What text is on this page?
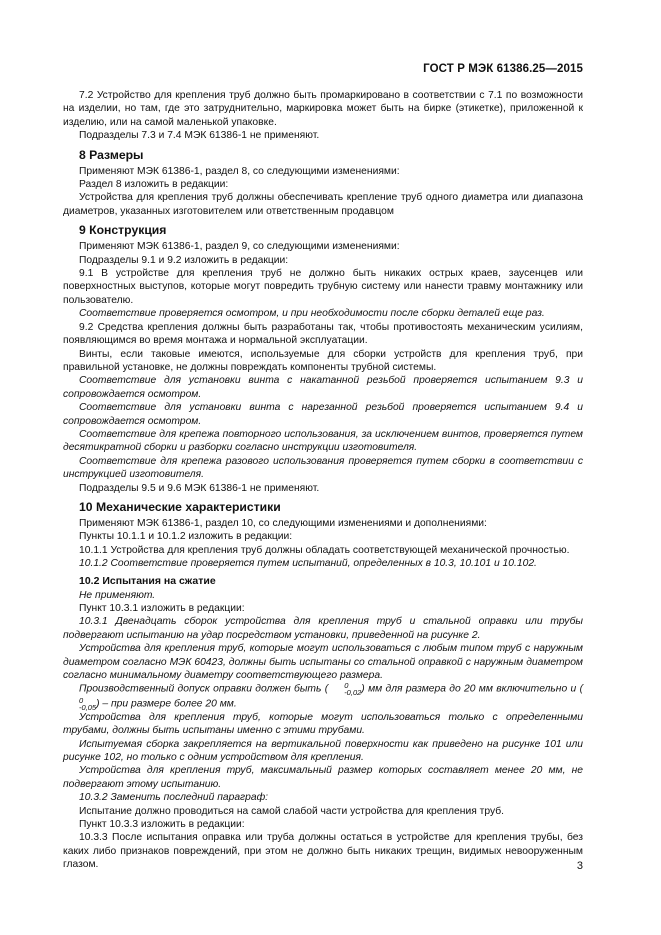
ГОСТ Р МЭК 61386.25—2015

7.2 Устройство для крепления труб должно быть промаркировано в соответствии с 7.1 по возможности на изделии, но там, где это затруднительно, маркировка может быть на бирке (этикетке), приложенной к изделию, или на самой маленькой упаковке.

Подразделы 7.3 и 7.4 МЭК 61386-1 не применяют.

8 Размеры

Применяют МЭК 61386-1, раздел 8, со следующими изменениями:

Раздел 8 изложить в редакции:

Устройства для крепления труб должны обеспечивать крепление труб одного диаметра или диапазона диаметров, указанных изготовителем или ответственным продавцом

9 Конструкция

Применяют МЭК 61386-1, раздел 9, со следующими изменениями:

Подразделы 9.1 и 9.2 изложить в редакции:

9.1 В устройстве для крепления труб не должно быть никаких острых краев, заусенцев или поверхностных выступов, которые могут повредить трубную систему или нанести травму монтажнику или пользователю.

Соответствие проверяется осмотром, и при необходимости после сборки деталей еще раз.

9.2 Средства крепления должны быть разработаны так, чтобы противостоять механическим усилиям, появляющимся во время монтажа и нормальной эксплуатации.

Винты, если таковые имеются, используемые для сборки устройств для крепления труб, при правильной установке, не должны повреждать компоненты трубной системы.

Соответствие для установки винта с накатанной резьбой проверяется испытанием 9.3 и сопровождается осмотром.

Соответствие для установки винта с нарезанной резьбой проверяется испытанием 9.4 и сопровождается осмотром.

Соответствие для крепежа повторного использования, за исключением винтов, проверяется путем десятикратной сборки и разборки согласно инструкции изготовителя.

Соответствие для крепежа разового использования проверяется путем сборки в соответствии с инструкцией изготовителя.

Подразделы 9.5 и 9.6 МЭК 61386-1 не применяют.

10 Механические характеристики

Применяют МЭК 61386-1, раздел 10, со следующими изменениями и дополнениями:

Пункты 10.1.1 и 10.1.2 изложить в редакции:

10.1.1 Устройства для крепления труб должны обладать соответствующей механической прочностью.

10.1.2 Соответствие проверяется путем испытаний, определенных в 10.3, 10.101 и 10.102.

10.2 Испытания на сжатие

Не применяют.

Пункт 10.3.1 изложить в редакции:

10.3.1 Двенадцать сборок устройства для крепления труб и стальной оправки или трубы подвергают испытанию на удар посредством установки, приведенной на рисунке 2.

Устройства для крепления труб, которые могут использоваться с любым типом труб с наружным диаметром согласно МЭК 60423, должны быть испытаны со стальной оправкой с наружным диаметром согласно минимальному диаметру соответствующего размера.

Производственный допуск оправки должен быть (	0
-0,02 ) мм для размера до 20 мм включительно и (
0
-0,05 ) – при размере более 20 мм.

Устройства для крепления труб, которые могут использоваться только с определенными трубами, должны быть испытаны именно с этими трубами.

Испытуемая сборка закрепляется на вертикальной поверхности как приведено на рисунке 101 или рисунке 102, но только с одним устройством для крепления.

Устройства для крепления труб, максимальный размер которых составляет менее 20 мм, не подвергают этому испытанию.

10.3.2 Заменить последний параграф:

Испытание должно проводиться на самой слабой части устройства для крепления труб.

Пункт 10.3.3 изложить в редакции:

10.3.3 После испытания оправка или труба должны остаться в устройстве для крепления трубы, без каких либо признаков повреждений, при этом не должно быть никаких трещин, видимых невооруженным глазом.	3
